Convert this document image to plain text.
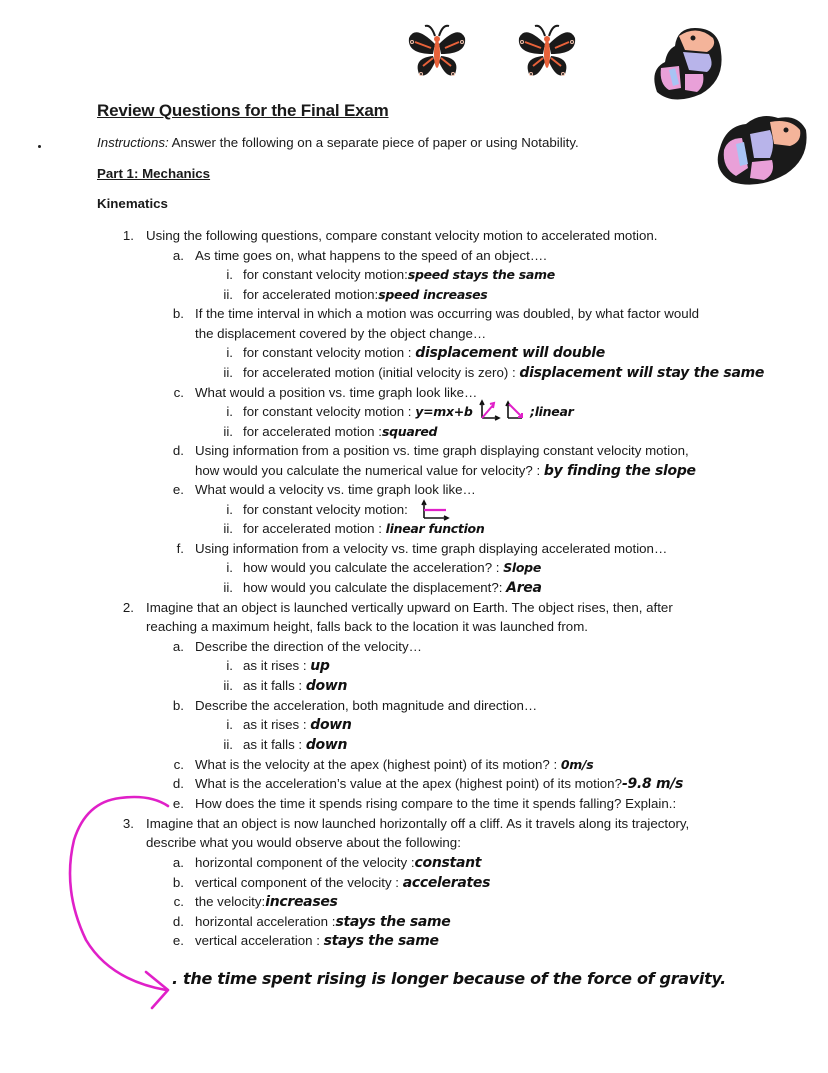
Review Questions for the Final Exam
Instructions: Answer the following on a separate piece of paper or using Notability.
Part 1: Mechanics
Kinematics
1. Using the following questions, compare constant velocity motion to accelerated motion.
a. As time goes on, what happens to the speed of an object….
i. for constant velocity motion:speed stays the same
ii. for accelerated motion:speed increases
b. If the time interval in which a motion was occurring was doubled, by what factor would
the displacement covered by the object change…
i. for constant velocity motion : displacement will double
ii. for accelerated motion (initial velocity is zero) : displacement will stay the same
c. What would a position vs. time graph look like…
i. for constant velocity motion : y=mx+b	;linear
ii. for accelerated motion :squared
d. Using information from a position vs. time graph displaying constant velocity motion,
how would you calculate the numerical value for velocity? : by finding the slope
e. What would a velocity vs. time graph look like…
i. for constant velocity motion:
ii. for accelerated motion : linear function
f. Using information from a velocity vs. time graph displaying accelerated motion…
i. how would you calculate the acceleration? : Slope
ii. how would you calculate the displacement?: Area
2. Imagine that an object is launched vertically upward on Earth. The object rises, then, after
reaching a maximum height, falls back to the location it was launched from.
a. Describe the direction of the velocity…
i. as it rises : up
ii. as it falls : down
b. Describe the acceleration, both magnitude and direction…
i. as it rises : down
ii. as it falls : down
c. What is the velocity at the apex (highest point) of its motion? : 0m/s
d. What is the acceleration’s value at the apex (highest point) of its motion?-9.8 m/s
e. How does the time it spends rising compare to the time it spends falling? Explain.:
3. Imagine that an object is now launched horizontally off a cliff. As it travels along its trajectory,
describe what you would observe about the following:
a. horizontal component of the velocity :constant
b. vertical component of the velocity : accelerates
c. the velocity:increases
d. horizontal acceleration :stays the same
e. vertical acceleration : stays the same
. the time spent rising is longer because of the force of gravity.
